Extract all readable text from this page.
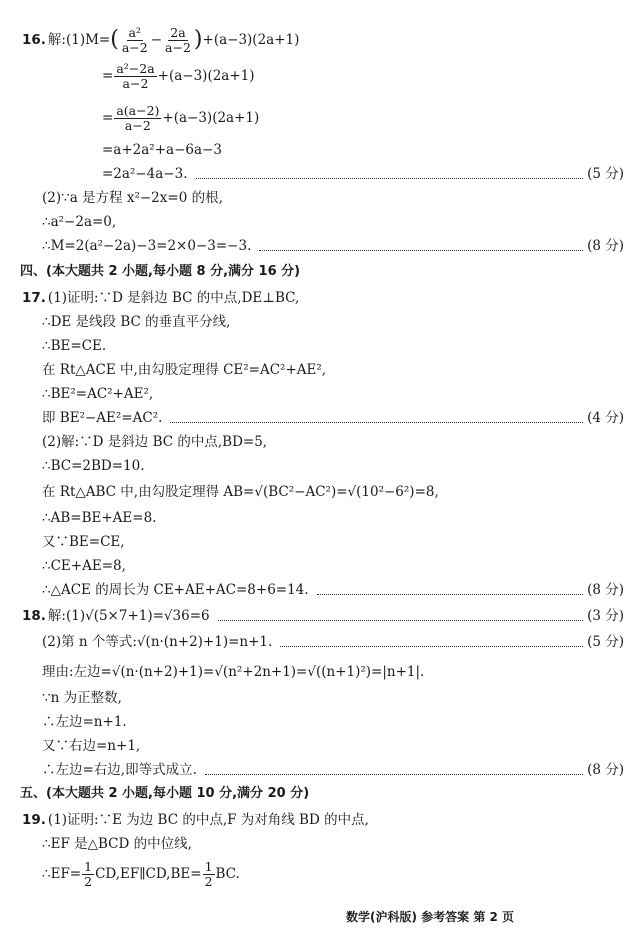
16. 解:(1)M= ( $\frac{\text{a²}}{a-2} - \frac{2a}{a-2}$ ) +(a−3)(2a+1)
= $\frac{\text{a²−2a}}{a-2} +(a-3)(2a+1)$
= $\frac{a(a-2)}{a-2} +(a-3)(2a+1)$
=a+2a²+a−6a−3
=2a²−4a−3.	(5 分)
(2)∵a 是方程 x²−2x=0 的根,
∴a²−2a=0,
∴M=2(a²−2a)−3=2×0−3=−3.	(8 分)
四、(本大题共 2 小题,每小题 8 分,满分 16 分)
17. (1)证明:∵D 是斜边 BC 的中点,DE⊥BC,
∴DE 是线段 BC 的垂直平分线,
∴BE=CE.
在 Rt△ACE 中,由勾股定理得 CE²=AC²+AE²,
∴BE²=AC²+AE²,
即 BE²−AE²=AC².	(4 分)
(2)解:∵D 是斜边 BC 的中点,BD=5,
∴BC=2BD=10.
在 Rt△ABC 中,由勾股定理得 AB=√(BC²−AC²)=√(10²−6²)=8,
∴AB=BE+AE=8.
又∵BE=CE,
∴CE+AE=8,
∴△ACE 的周长为 CE+AE+AC=8+6=14.	(8 分)
18. 解:(1)√(5×7+1)=√36=6	(3 分)
(2)第 n 个等式:√(n·(n+2)+1)=n+1.	(5 分)
理由:左边=√(n·(n+2)+1)=√(n²+2n+1)=√((n+1)²)=|n+1|.
∵n 为正整数,
∴左边=n+1.
又∵右边=n+1,
∴左边=右边,即等式成立.	(8 分)
五、(本大题共 2 小题,每小题 10 分,满分 20 分)
19. (1)证明:∵E 为边 BC 的中点,F 为对角线 BD 的中点,
∴EF 是△BCD 的中位线,
∴EF= $\frac{1}{2}$ CD,EF∥CD,BE= $\frac{1}{2}$ BC.
数学(沪科版) 参考答案 第 2 页
